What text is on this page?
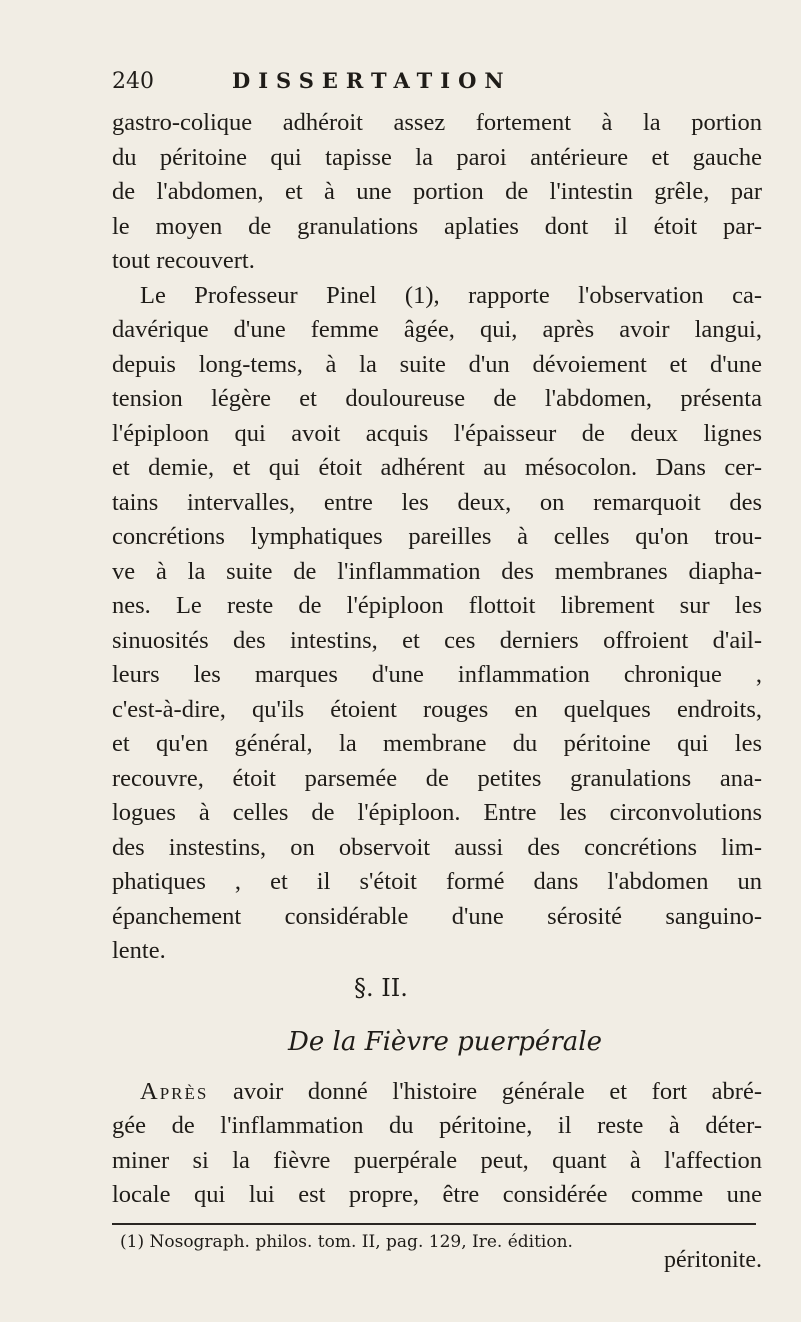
240	DISSERTATION
gastro-colique adhéroit assez fortement à la portion
du péritoine qui tapisse la paroi antérieure et gauche
de l'abdomen, et à une portion de l'intestin grêle, par
le moyen de granulations aplaties dont il étoit par-
tout recouvert.
Le Professeur Pinel (1), rapporte l'observation ca-
davérique d'une femme âgée, qui, après avoir langui,
depuis long-tems, à la suite d'un dévoiement et d'une
tension légère et douloureuse de l'abdomen, présenta
l'épiploon qui avoit acquis l'épaisseur de deux lignes
et demie, et qui étoit adhérent au mésocolon. Dans cer-
tains intervalles, entre les deux, on remarquoit des
concrétions lymphatiques pareilles à celles qu'on trou-
ve à la suite de l'inflammation des membranes diapha-
nes. Le reste de l'épiploon flottoit librement sur les
sinuosités des intestins, et ces derniers offroient d'ail-
leurs les marques d'une inflammation chronique ,
c'est-à-dire, qu'ils étoient rouges en quelques endroits,
et qu'en général, la membrane du péritoine qui les
recouvre, étoit parsemée de petites granulations ana-
logues à celles de l'épiploon. Entre les circonvolutions
des instestins, on observoit aussi des concrétions lim-
phatiques , et il s'étoit formé dans l'abdomen un
épanchement considérable d'une sérosité sanguino-
lente.
§. II.
De la Fièvre puerpérale
Après avoir donné l'histoire générale et fort abré-
gée de l'inflammation du péritoine, il reste à déter-
miner si la fièvre puerpérale peut, quant à l'affection
locale qui lui est propre, être considérée comme une
(1) Nosograph. philos. tom. II, pag. 129, Ire. édition.
péritonite.
